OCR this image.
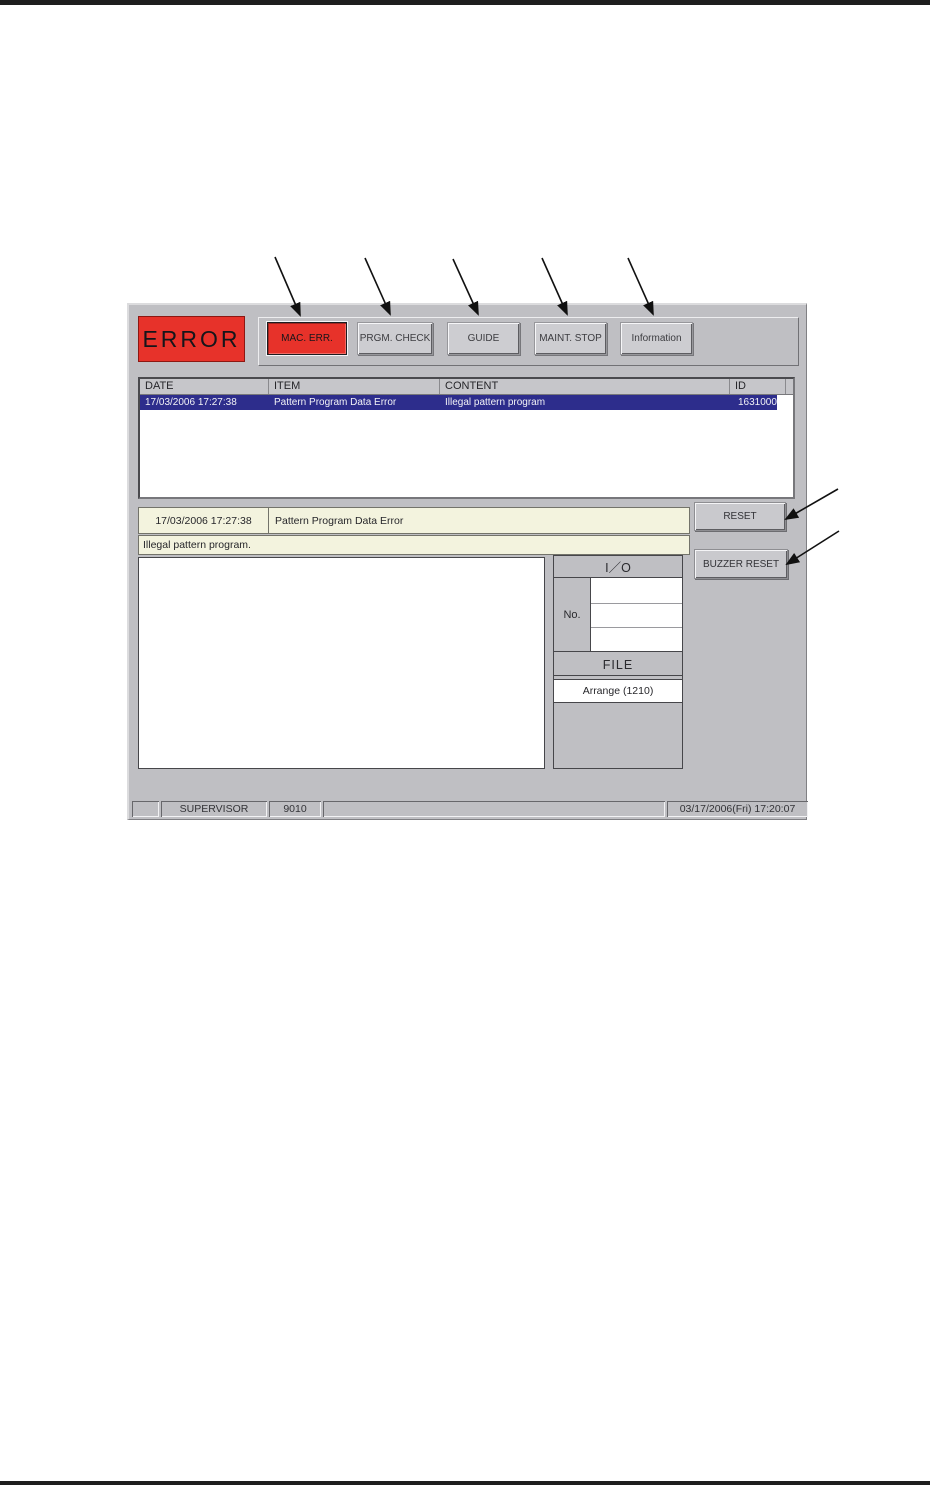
ERROR	MAC. ERR.	PRGM. CHECK	GUIDE	MAINT. STOP	Information
DATE	ITEM	CONTENT	ID
17/03/2006 17:27:38	Pattern Program Data Error	Illegal pattern program	1631000
17/03/2006 17:27:38	Pattern Program Data Error
Illegal pattern program.
I／O
No.
FILE
Arrange (1210)
RESET
BUZZER RESET
SUPERVISOR	9010	03/17/2006(Fri) 17:20:07
